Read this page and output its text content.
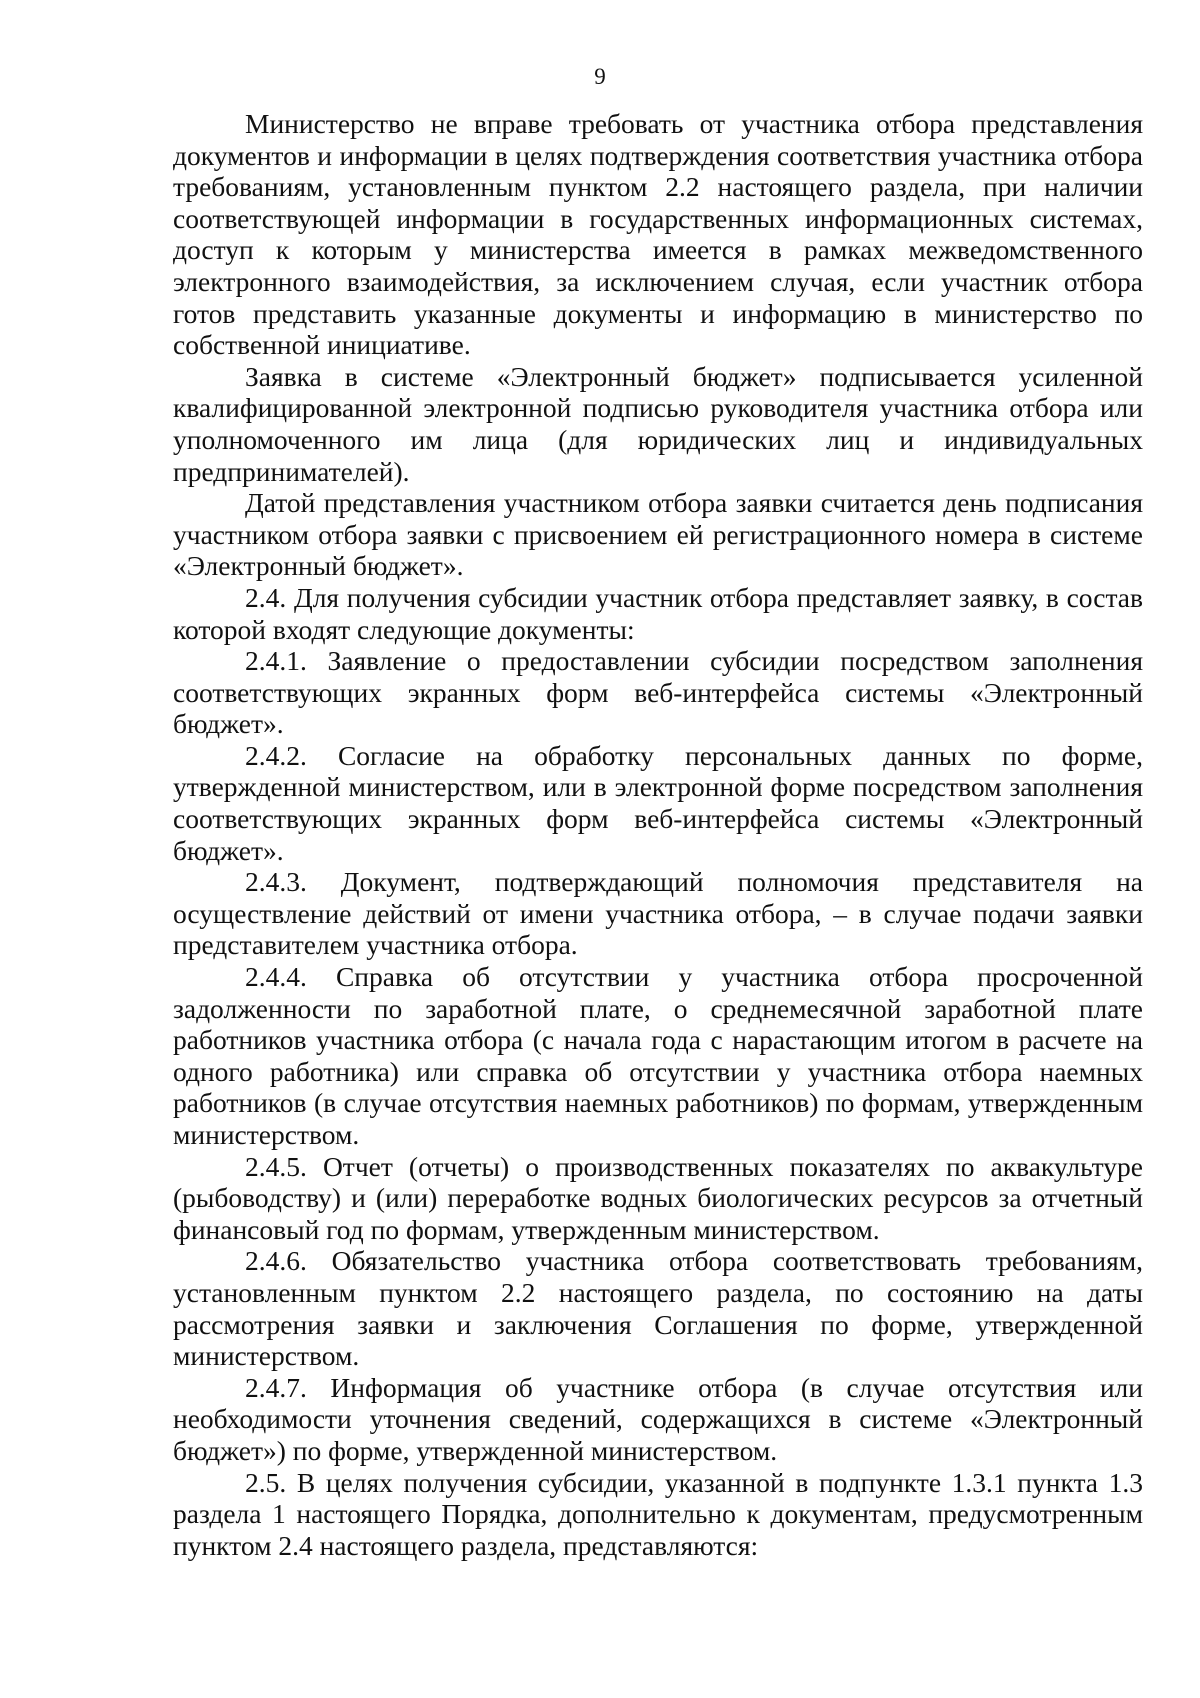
9

Министерство не вправе требовать от участника отбора представления документов и информации в целях подтверждения соответствия участника отбора требованиям, установленным пунктом 2.2 настоящего раздела, при наличии соответствующей информации в государственных информационных системах, доступ к которым у министерства имеется в рамках межведомственного электронного взаимодействия, за исключением случая, если участник отбора готов представить указанные документы и информацию в министерство по собственной инициативе.

Заявка в системе «Электронный бюджет» подписывается усиленной квалифицированной электронной подписью руководителя участника отбора или уполномоченного им лица (для юридических лиц и индивидуальных предпринимателей).

Датой представления участником отбора заявки считается день подписания участником отбора заявки с присвоением ей регистрационного номера в системе «Электронный бюджет».

2.4. Для получения субсидии участник отбора представляет заявку, в состав которой входят следующие документы:

2.4.1. Заявление о предоставлении субсидии посредством заполнения соответствующих экранных форм веб-интерфейса системы «Электронный бюджет».

2.4.2. Согласие на обработку персональных данных по форме, утвержденной министерством, или в электронной форме посредством заполнения соответствующих экранных форм веб-интерфейса системы «Электронный бюджет».

2.4.3. Документ, подтверждающий полномочия представителя на осуществление действий от имени участника отбора, – в случае подачи заявки представителем участника отбора.

2.4.4. Справка об отсутствии у участника отбора просроченной задолженности по заработной плате, о среднемесячной заработной плате работников участника отбора (с начала года с нарастающим итогом в расчете на одного работника) или справка об отсутствии у участника отбора наемных работников (в случае отсутствия наемных работников) по формам, утвержденным министерством.

2.4.5. Отчет (отчеты) о производственных показателях по аквакультуре (рыбоводству) и (или) переработке водных биологических ресурсов за отчетный финансовый год по формам, утвержденным министерством.

2.4.6. Обязательство участника отбора соответствовать требованиям, установленным пунктом 2.2 настоящего раздела, по состоянию на даты рассмотрения заявки и заключения Соглашения по форме, утвержденной министерством.

2.4.7. Информация об участнике отбора (в случае отсутствия или необходимости уточнения сведений, содержащихся в системе «Электронный бюджет») по форме, утвержденной министерством.

2.5. В целях получения субсидии, указанной в подпункте 1.3.1 пункта 1.3 раздела 1 настоящего Порядка, дополнительно к документам, предусмотренным пунктом 2.4 настоящего раздела, представляются:
